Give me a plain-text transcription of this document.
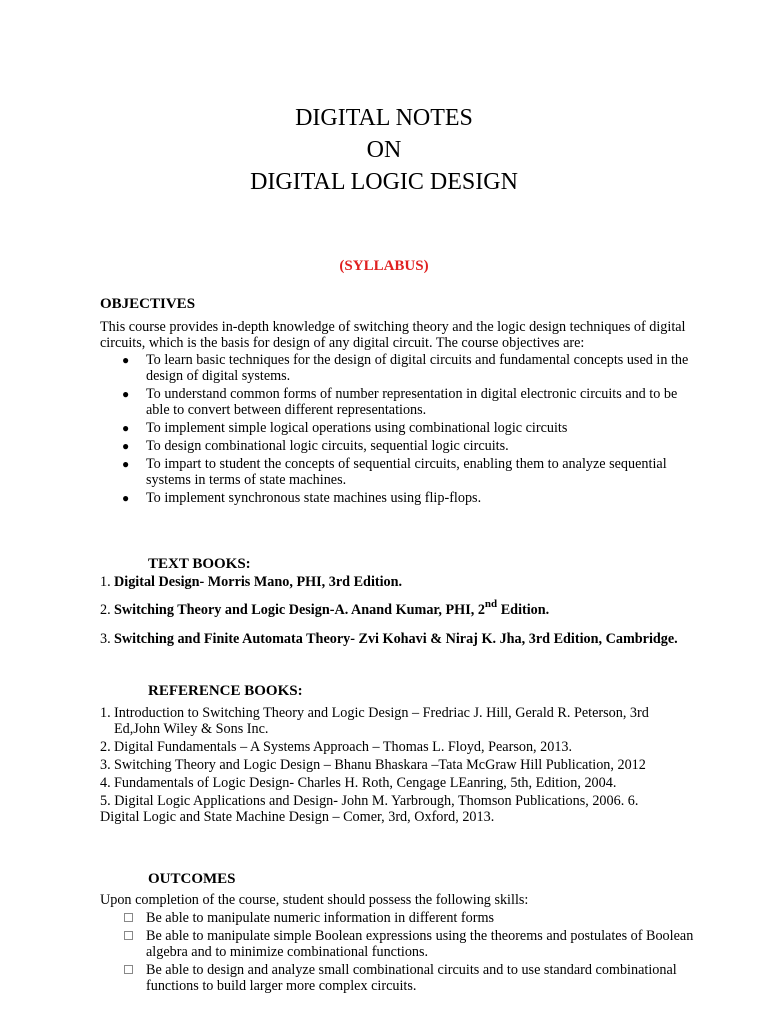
DIGITAL NOTES
ON
DIGITAL LOGIC DESIGN
(SYLLABUS)
OBJECTIVES
This course provides in-depth knowledge of switching theory and the logic design techniques of digital circuits, which is the basis for design of any digital circuit. The course objectives are:
● To learn basic techniques for the design of digital circuits and fundamental concepts used in the design of digital systems.
● To understand common forms of number representation in digital electronic circuits and to be able to convert between different representations.
● To implement simple logical operations using combinational logic circuits
● To design combinational logic circuits, sequential logic circuits.
● To impart to student the concepts of sequential circuits, enabling them to analyze sequential systems in terms of state machines.
● To implement synchronous state machines using flip-flops.
TEXT BOOKS:
1. Digital Design- Morris Mano, PHI, 3rd Edition.
2. Switching Theory and Logic Design-A. Anand Kumar, PHI, 2nd Edition.
3. Switching and Finite Automata Theory- Zvi Kohavi & Niraj K. Jha, 3rd Edition, Cambridge.
REFERENCE BOOKS:
1. Introduction to Switching Theory and Logic Design – Fredriac J. Hill, Gerald R. Peterson, 3rd Ed,John Wiley & Sons Inc.
2. Digital Fundamentals – A Systems Approach – Thomas L. Floyd, Pearson, 2013.
3. Switching Theory and Logic Design – Bhanu Bhaskara –Tata McGraw Hill Publication, 2012
4. Fundamentals of Logic Design- Charles H. Roth, Cengage LEanring, 5th, Edition, 2004.
5. Digital Logic Applications and Design- John M. Yarbrough, Thomson Publications, 2006. 6. Digital Logic and State Machine Design – Comer, 3rd, Oxford, 2013.
OUTCOMES
Upon completion of the course, student should possess the following skills:
Be able to manipulate numeric information in different forms
Be able to manipulate simple Boolean expressions using the theorems and postulates of Boolean algebra and to minimize combinational functions.
Be able to design and analyze small combinational circuits and to use standard combinational functions to build larger more complex circuits.
